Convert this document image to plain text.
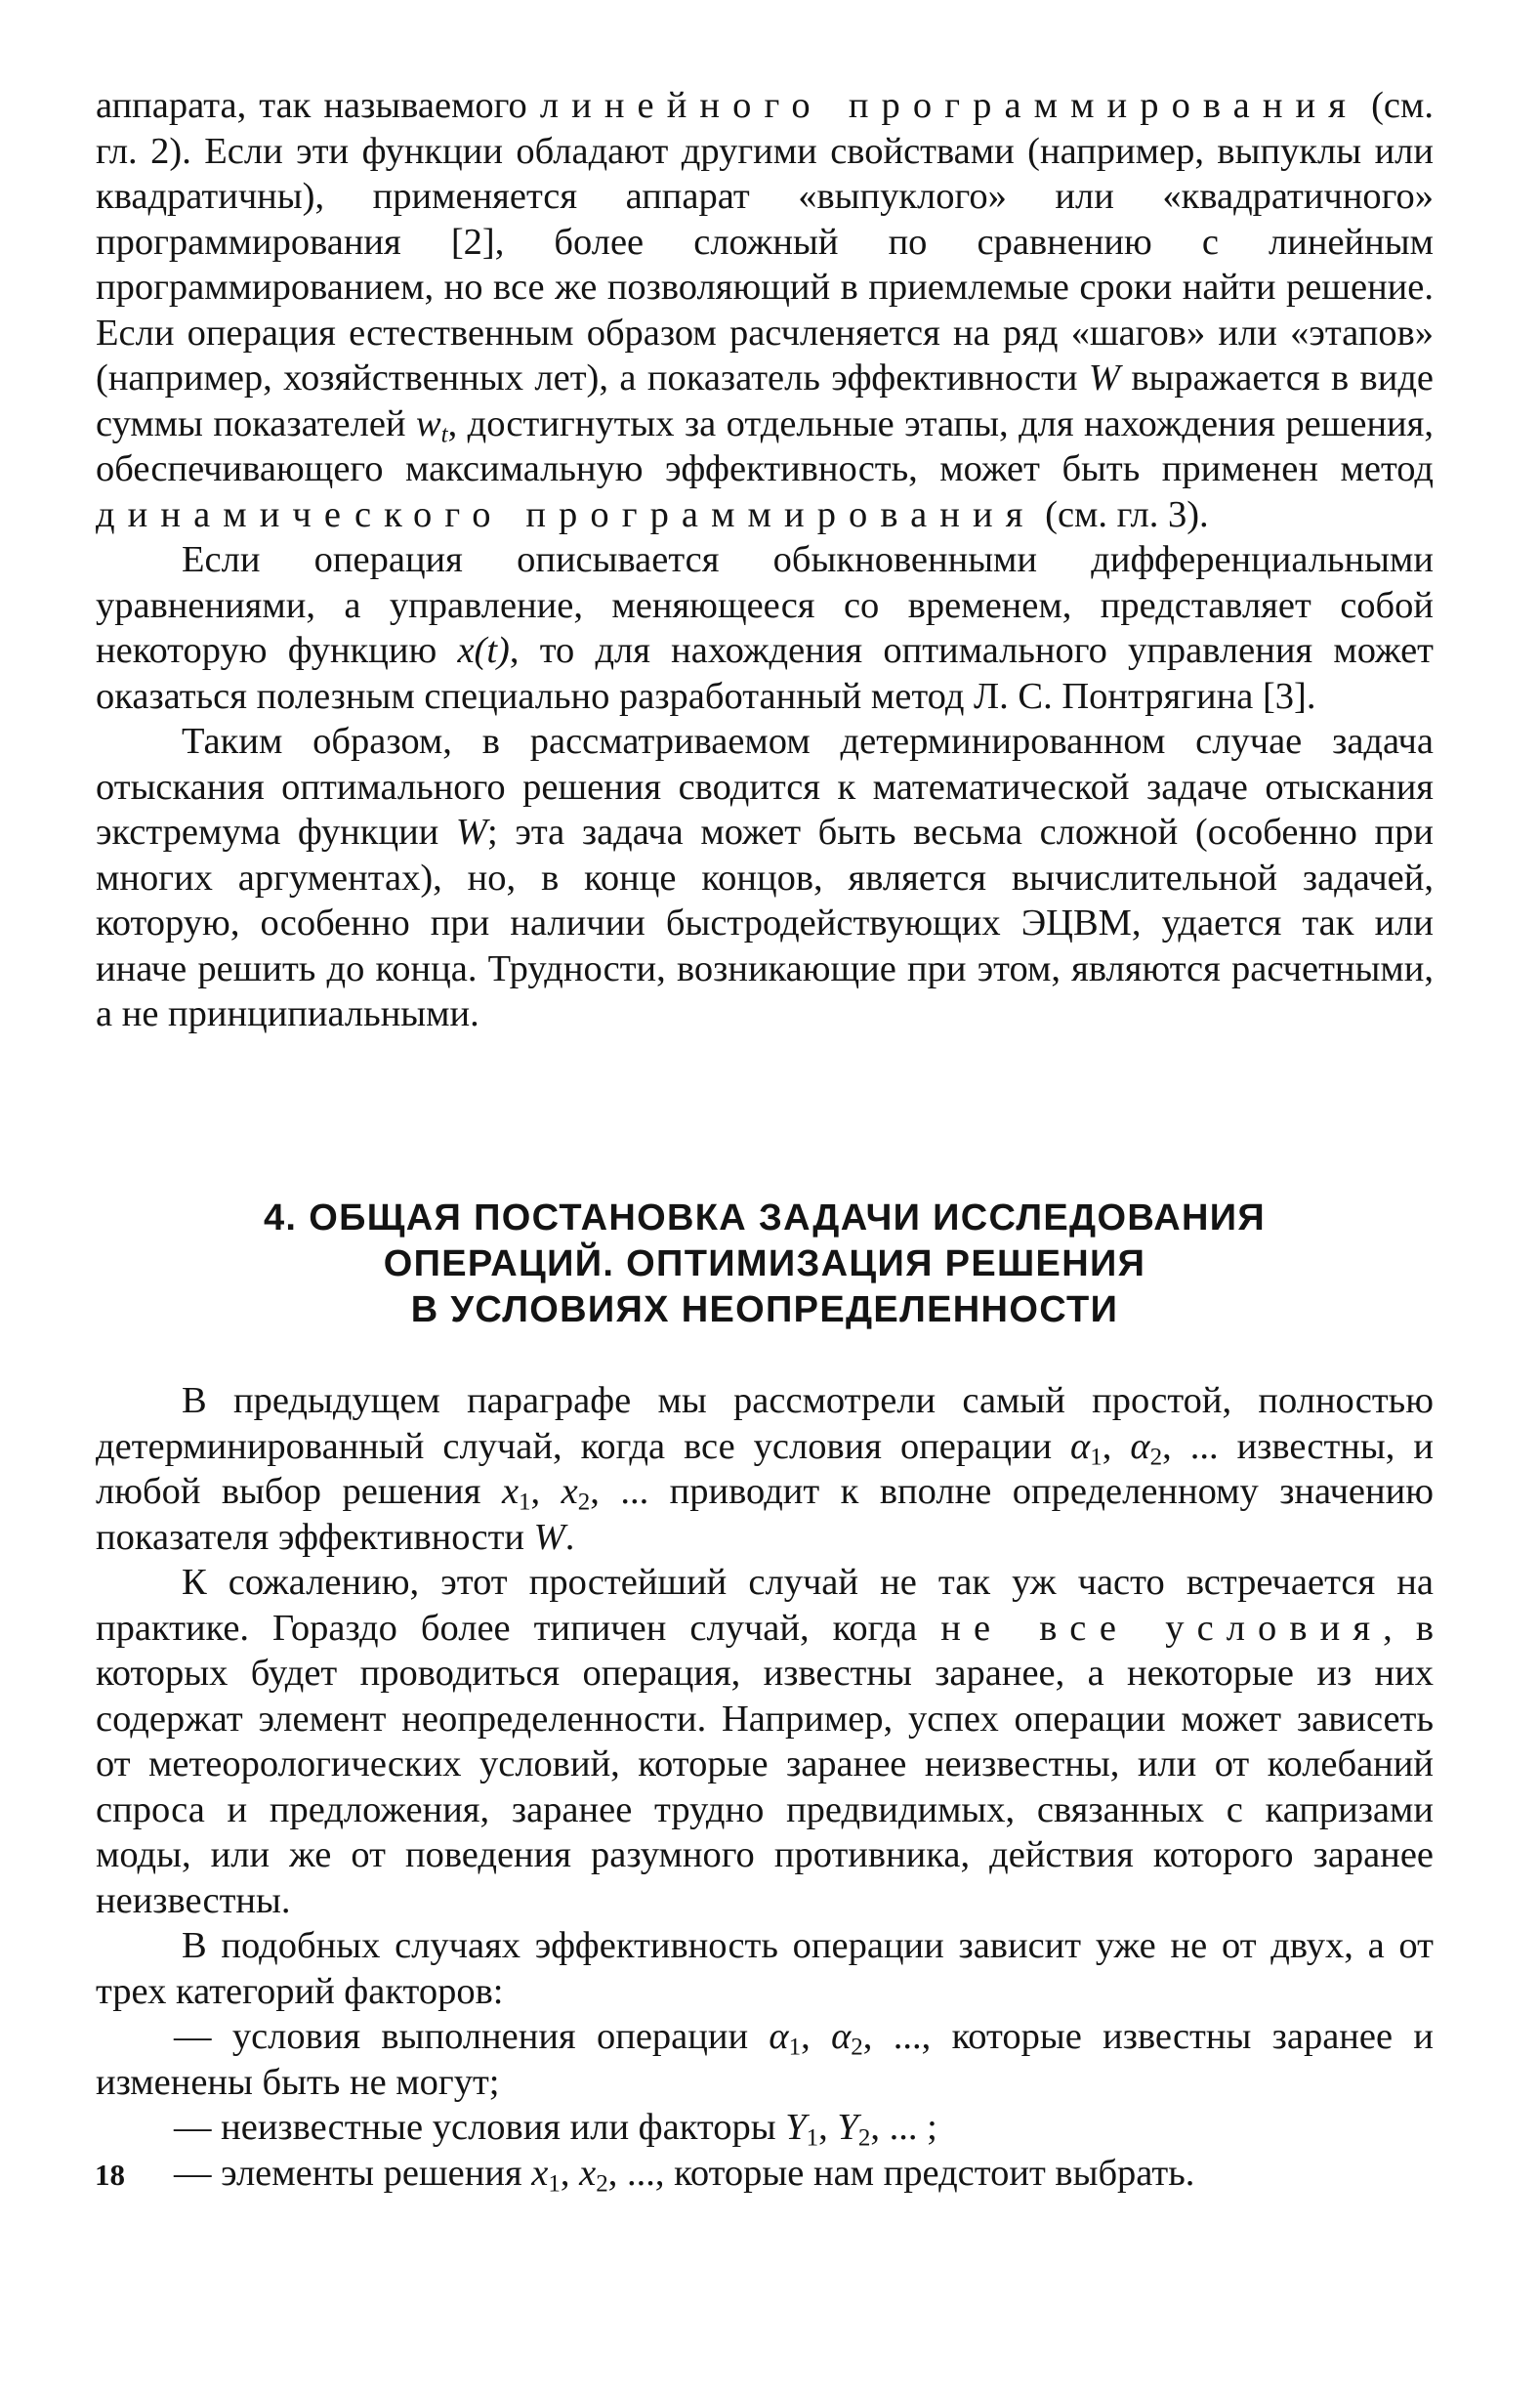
аппарата, так называемого линейного программирования (см. гл. 2). Если эти функции обладают другими свойствами (например, выпуклы или квадратичны), применяется аппарат «выпуклого» или «квадратичного» программирования [2], более сложный по сравнению с линейным программированием, но все же позволяющий в приемлемые сроки найти решение. Если операция естественным образом расчленяется на ряд «шагов» или «этапов» (например, хозяйственных лет), а показатель эффективности W выражается в виде суммы показателей $w_t$, достигнутых за отдельные этапы, для нахождения решения, обеспечивающего максимальную эффективность, может быть применен метод динамического программирования (см. гл. 3).

Если операция описывается обыкновенными дифференциальными уравнениями, а управление, меняющееся со временем, представляет собой некоторую функцию x(t), то для нахождения оптимального управления может оказаться полезным специально разработанный метод Л. С. Понтрягина [3].

Таким образом, в рассматриваемом детерминированном случае задача отыскания оптимального решения сводится к математической задаче отыскания экстремума функции W; эта задача может быть весьма сложной (особенно при многих аргументах), но, в конце концов, является вычислительной задачей, которую, особенно при наличии быстродействующих ЭЦВМ, удается так или иначе решить до конца. Трудности, возникающие при этом, являются расчетными, а не принципиальными.

4. ОБЩАЯ ПОСТАНОВКА ЗАДАЧИ ИССЛЕДОВАНИЯ
ОПЕРАЦИЙ. ОПТИМИЗАЦИЯ РЕШЕНИЯ
В УСЛОВИЯХ НЕОПРЕДЕЛЕННОСТИ

В предыдущем параграфе мы рассмотрели самый простой, полностью детерминированный случай, когда все условия операции $\alpha_1$, $\alpha_2$, ... известны, и любой выбор решения $x_1$, $x_2$, ... приводит к вполне определенному значению показателя эффективности W.

К сожалению, этот простейший случай не так уж часто встречается на практике. Гораздо более типичен случай, когда не все условия, в которых будет проводиться операция, известны заранее, а некоторые из них содержат элемент неопределенности. Например, успех операции может зависеть от метеорологических условий, которые заранее неизвестны, или от колебаний спроса и предложения, заранее трудно предвидимых, связанных с капризами моды, или же от поведения разумного противника, действия которого заранее неизвестны.

В подобных случаях эффективность операции зависит уже не от двух, а от трех категорий факторов:

— условия выполнения операции $\alpha_1$, $\alpha_2$, ..., которые известны заранее и изменены быть не могут;

— неизвестные условия или факторы $Y_1$, $Y_2$, ... ;

— элементы решения $x_1$, $x_2$, ..., которые нам предстоит выбрать.

18
